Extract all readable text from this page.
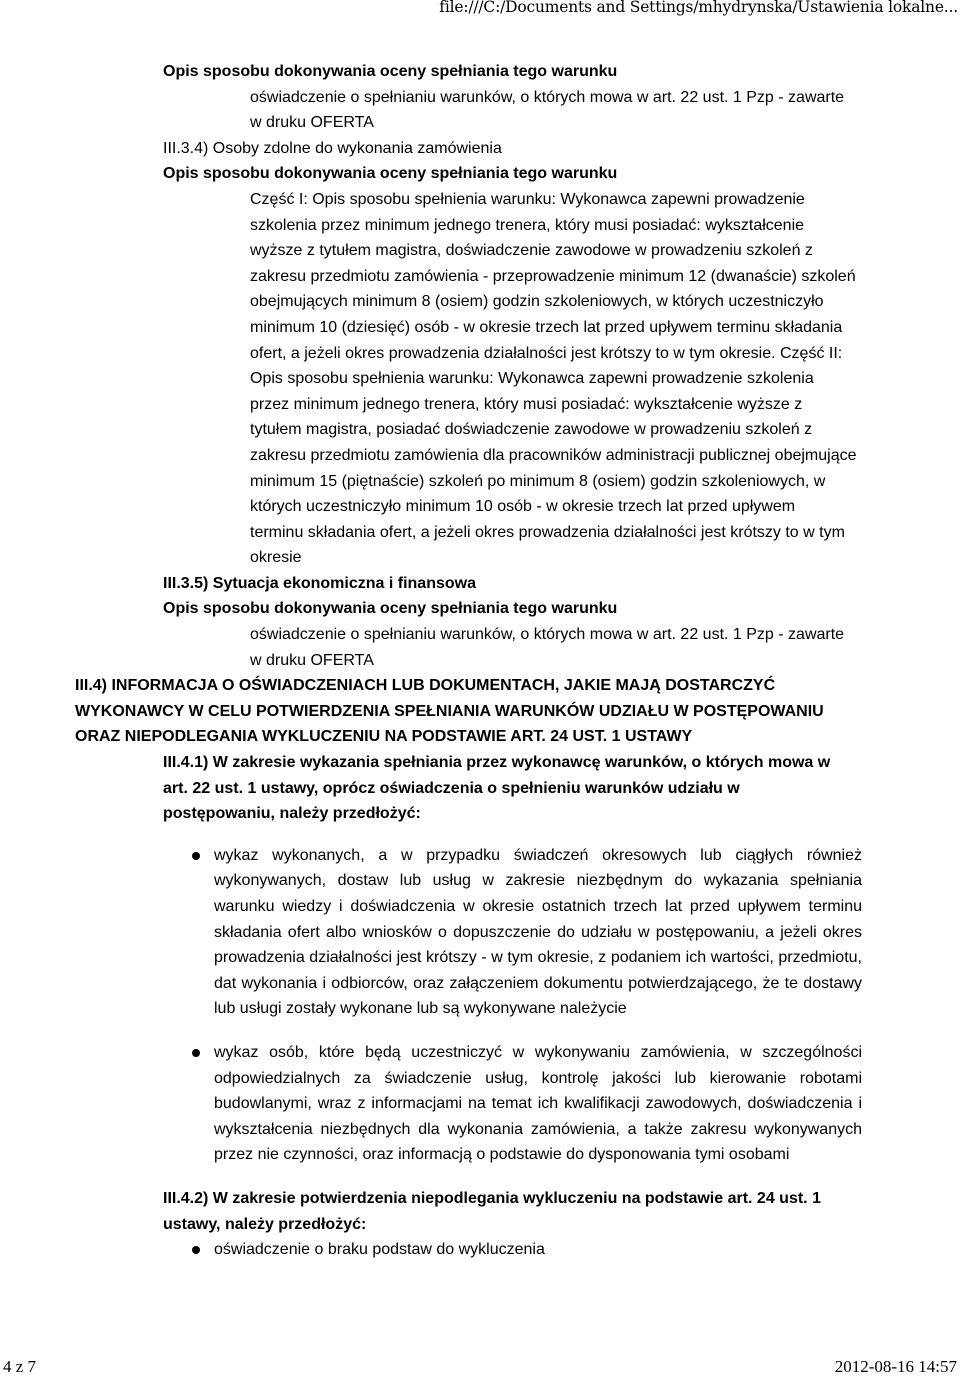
file:///C:/Documents and Settings/mhydrynska/Ustawienia lokalne...
Opis sposobu dokonywania oceny spełniania tego warunku
oświadczenie o spełnianiu warunków, o których mowa w art. 22 ust. 1 Pzp - zawarte
w druku OFERTA
III.3.4) Osoby zdolne do wykonania zamówienia
Opis sposobu dokonywania oceny spełniania tego warunku
Część I: Opis sposobu spełnienia warunku: Wykonawca zapewni prowadzenie
szkolenia przez minimum jednego trenera, który musi posiadać: wykształcenie
wyższe z tytułem magistra, doświadczenie zawodowe w prowadzeniu szkoleń z
zakresu przedmiotu zamówienia - przeprowadzenie minimum 12 (dwanaście) szkoleń
obejmujących minimum 8 (osiem) godzin szkoleniowych, w których uczestniczyło
minimum 10 (dziesięć) osób - w okresie trzech lat przed upływem terminu składania
ofert, a jeżeli okres prowadzenia działalności jest krótszy to w tym okresie. Część II:
Opis sposobu spełnienia warunku: Wykonawca zapewni prowadzenie szkolenia
przez minimum jednego trenera, który musi posiadać: wykształcenie wyższe z
tytułem magistra, posiadać doświadczenie zawodowe w prowadzeniu szkoleń z
zakresu przedmiotu zamówienia dla pracowników administracji publicznej obejmujące
minimum 15 (piętnaście) szkoleń po minimum 8 (osiem) godzin szkoleniowych, w
których uczestniczyło minimum 10 osób - w okresie trzech lat przed upływem
terminu składania ofert, a jeżeli okres prowadzenia działalności jest krótszy to w tym
okresie
III.3.5) Sytuacja ekonomiczna i finansowa
Opis sposobu dokonywania oceny spełniania tego warunku
oświadczenie o spełnianiu warunków, o których mowa w art. 22 ust. 1 Pzp - zawarte
w druku OFERTA
III.4) INFORMACJA O OŚWIADCZENIACH LUB DOKUMENTACH, JAKIE MAJĄ DOSTARCZYĆ
WYKONAWCY W CELU POTWIERDZENIA SPEŁNIANIA WARUNKÓW UDZIAŁU W POSTĘPOWANIU
ORAZ NIEPODLEGANIA WYKLUCZENIU NA PODSTAWIE ART. 24 UST. 1 USTAWY
III.4.1) W zakresie wykazania spełniania przez wykonawcę warunków, o których mowa w
art. 22 ust. 1 ustawy, oprócz oświadczenia o spełnieniu warunków udziału w
postępowaniu, należy przedłożyć:
wykaz wykonanych, a w przypadku świadczeń okresowych lub ciągłych również wykonywanych, dostaw lub usług w zakresie niezbędnym do wykazania spełniania warunku wiedzy i doświadczenia w okresie ostatnich trzech lat przed upływem terminu składania ofert albo wniosków o dopuszczenie do udziału w postępowaniu, a jeżeli okres prowadzenia działalności jest krótszy - w tym okresie, z podaniem ich wartości, przedmiotu, dat wykonania i odbiorców, oraz załączeniem dokumentu potwierdzającego, że te dostawy lub usługi zostały wykonane lub są wykonywane należycie
wykaz osób, które będą uczestniczyć w wykonywaniu zamówienia, w szczególności odpowiedzialnych za świadczenie usług, kontrolę jakości lub kierowanie robotami budowlanymi, wraz z informacjami na temat ich kwalifikacji zawodowych, doświadczenia i wykształcenia niezbędnych dla wykonania zamówienia, a także zakresu wykonywanych przez nie czynności, oraz informacją o podstawie do dysponowania tymi osobami
III.4.2) W zakresie potwierdzenia niepodlegania wykluczeniu na podstawie art. 24 ust. 1
ustawy, należy przedłożyć:
oświadczenie o braku podstaw do wykluczenia
4 z 7	2012-08-16 14:57
